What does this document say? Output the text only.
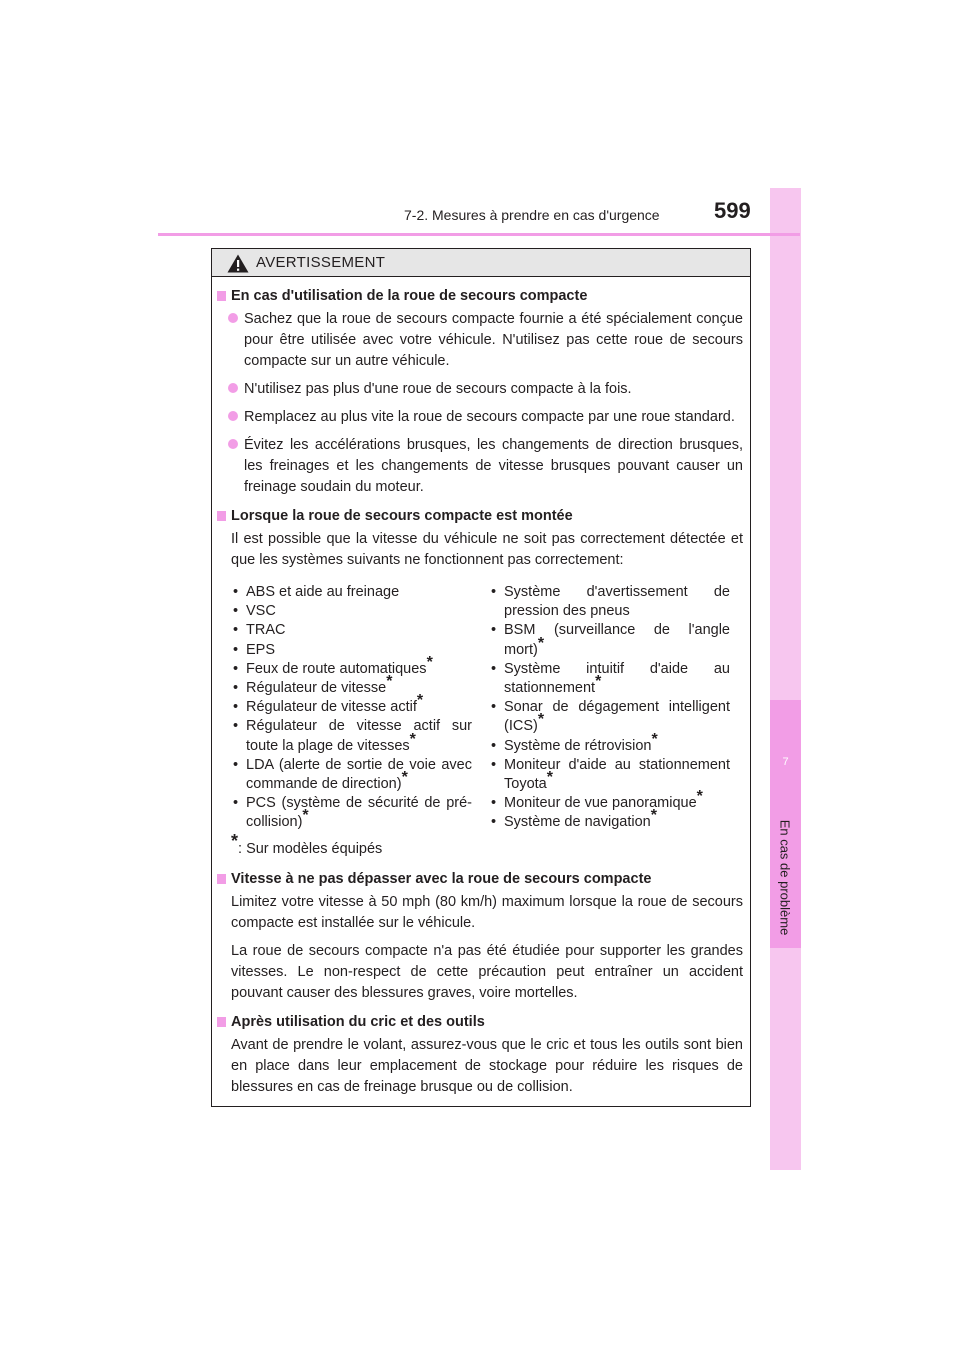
7
En cas de problème
7-2. Mesures à prendre en cas d'urgence 599
AVERTISSEMENT
En cas d'utilisation de la roue de secours compacte
Sachez que la roue de secours compacte fournie a été spécialement conçue pour être utilisée avec votre véhicule. N'utilisez pas cette roue de secours compacte sur un autre véhicule.
N'utilisez pas plus d'une roue de secours compacte à la fois.
Remplacez au plus vite la roue de secours compacte par une roue standard.
Évitez les accélérations brusques, les changements de direction brusques, les freinages et les changements de vitesse brusques pouvant causer un freinage soudain du moteur.
Lorsque la roue de secours compacte est montée
Il est possible que la vitesse du véhicule ne soit pas correctement détectée et que les systèmes suivants ne fonctionnent pas correctement:
• ABS et aide au freinage
• VSC
• TRAC
• EPS
• Feux de route automatiques*
• Régulateur de vitesse*
• Régulateur de vitesse actif*
• Régulateur de vitesse actif sur toute la plage de vitesses*
• LDA (alerte de sortie de voie avec commande de direction)*
• PCS (système de sécurité de pré-collision)*
• Système d'avertissement de pression des pneus
• BSM (surveillance de l'angle mort)*
• Système intuitif d'aide au stationnement*
• Sonar de dégagement intelligent (ICS)*
• Système de rétrovision*
• Moniteur d'aide au stationnement Toyota*
• Moniteur de vue panoramique*
• Système de navigation*
*: Sur modèles équipés
Vitesse à ne pas dépasser avec la roue de secours compacte
Limitez votre vitesse à 50 mph (80 km/h) maximum lorsque la roue de secours compacte est installée sur le véhicule.
La roue de secours compacte n'a pas été étudiée pour supporter les grandes vitesses. Le non-respect de cette précaution peut entraîner un accident pouvant causer des blessures graves, voire mortelles.
Après utilisation du cric et des outils
Avant de prendre le volant, assurez-vous que le cric et tous les outils sont bien en place dans leur emplacement de stockage pour réduire les risques de blessures en cas de freinage brusque ou de collision.
